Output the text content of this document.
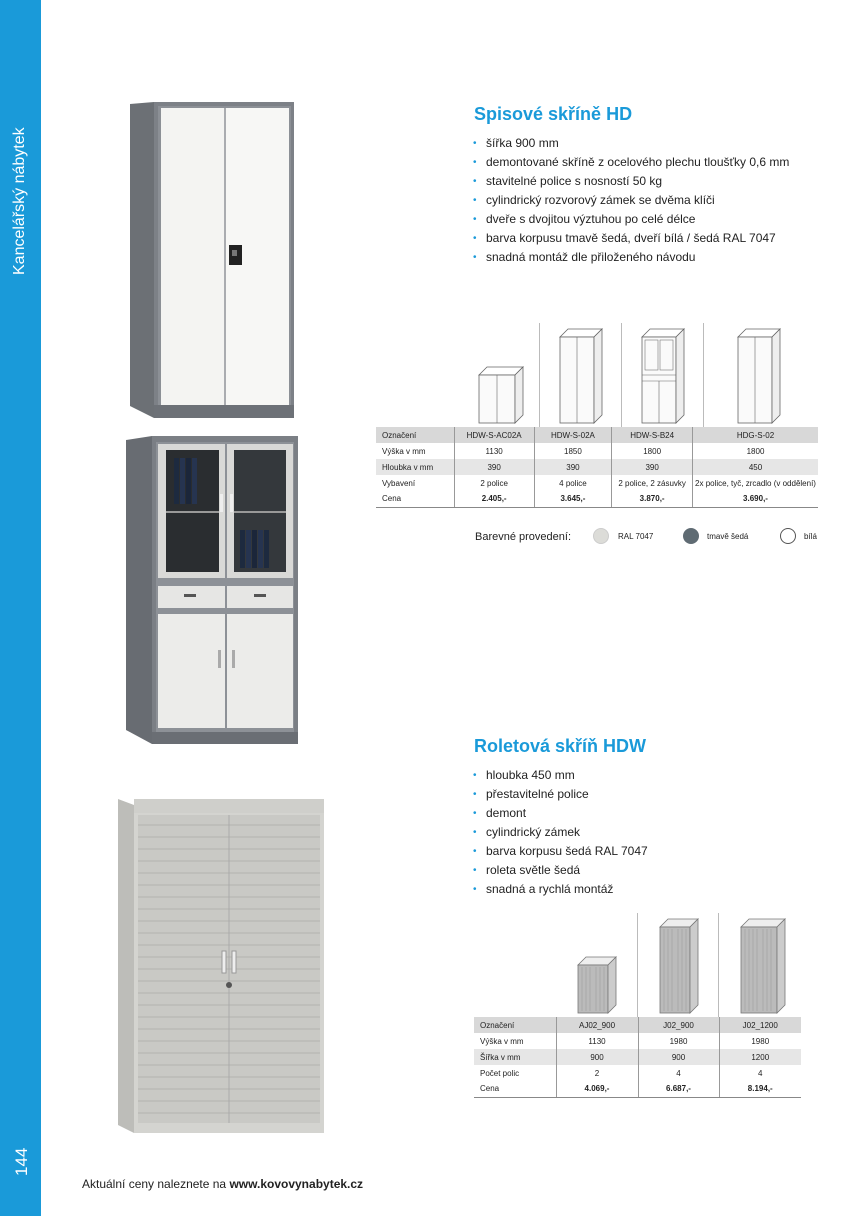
Kancelářský nábytek
144
Spisové skříně HD
• šířka 900 mm
• demontované skříně z ocelového plechu tloušťky 0,6 mm
• stavitelné police s nosností 50 kg
• cylindrický rozvorový zámek se dvěma klíči
• dveře s dvojitou výztuhou po celé délce
• barva korpusu tmavě šedá, dveří bílá / šedá RAL 7047
• snadná montáž dle přiloženého návodu
Označení	HDW-S-AC02A	HDW-S-02A	HDW-S-B24	HDG-S-02
Výška v mm	1130	1850	1800	1800
Hloubka v mm	390	390	390	450
Vybavení	2 police	4 police	2 police, 2 zásuvky	2x police, tyč, zrcadlo (v oddělení)
Cena	2.405,-	3.645,-	3.870,-	3.690,-
Barevné provedení:	RAL 7047	tmavě šedá	bílá
Roletová skříň HDW
• hloubka 450 mm
• přestavitelné police
• demont
• cylindrický zámek
• barva korpusu šedá RAL 7047
• roleta světle šedá
• snadná a rychlá montáž
Označení	AJ02_900	J02_900	J02_1200
Výška v mm	1130	1980	1980
Šířka v mm	900	900	1200
Počet polic	2	4	4
Cena	4.069,-	6.687,-	8.194,-
Aktuální ceny naleznete na www.kovovynabytek.cz
